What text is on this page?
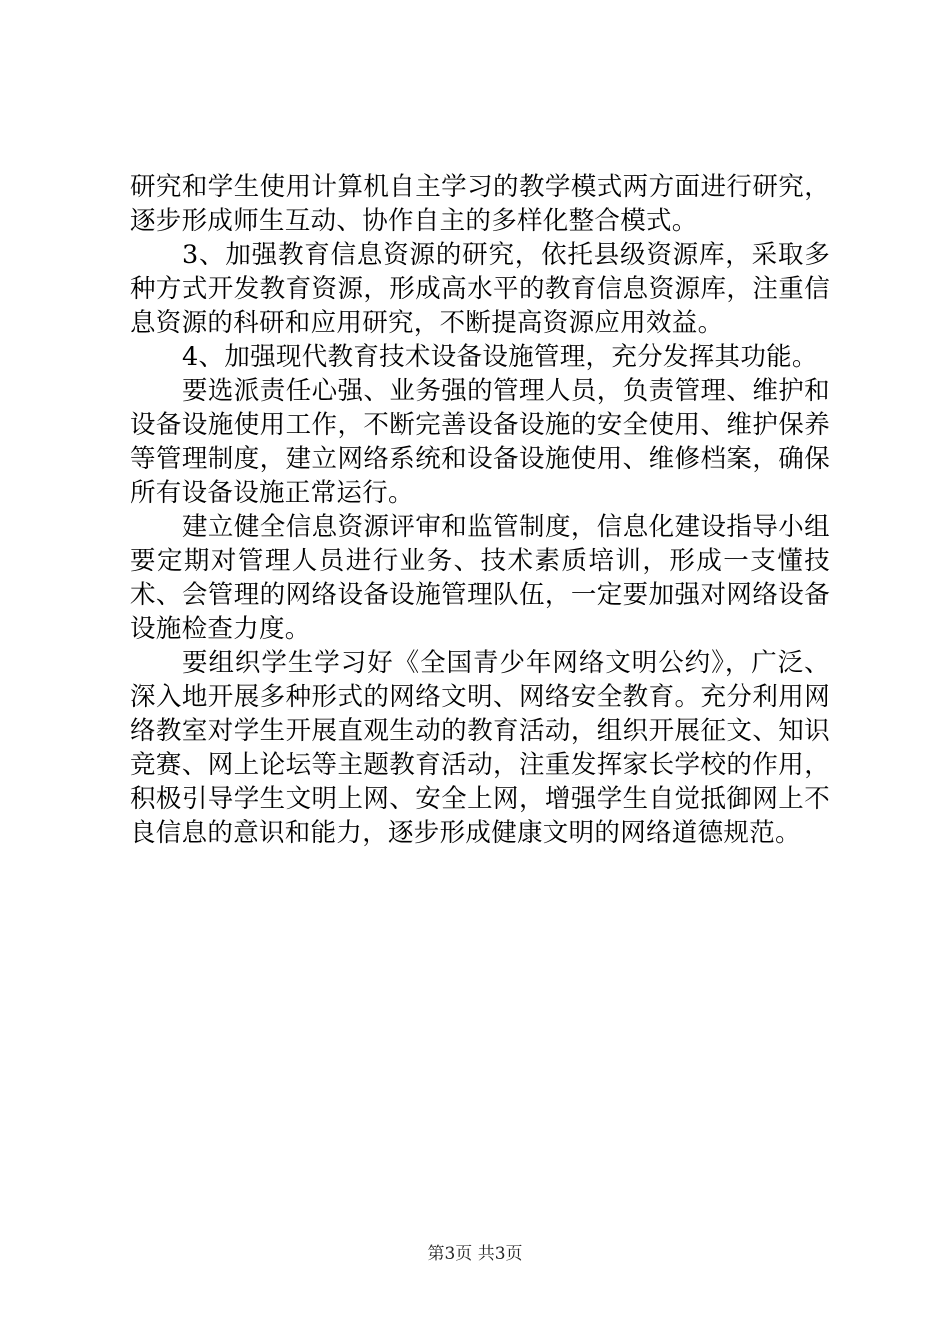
研究和学生使用计算机自主学习的教学模式两方面进行研究，逐步形成师生互动、协作自主的多样化整合模式。

3、加强教育信息资源的研究，依托县级资源库，采取多种方式开发教育资源，形成高水平的教育信息资源库，注重信息资源的科研和应用研究，不断提高资源应用效益。

4、加强现代教育技术设备设施管理，充分发挥其功能。

要选派责任心强、业务强的管理人员，负责管理、维护和设备设施使用工作，不断完善设备设施的安全使用、维护保养等管理制度，建立网络系统和设备设施使用、维修档案，确保所有设备设施正常运行。

建立健全信息资源评审和监管制度，信息化建设指导小组要定期对管理人员进行业务、技术素质培训，形成一支懂技术、会管理的网络设备设施管理队伍，一定要加强对网络设备设施检查力度。

要组织学生学习好《全国青少年网络文明公约》，广泛、深入地开展多种形式的网络文明、网络安全教育。充分利用网络教室对学生开展直观生动的教育活动，组织开展征文、知识竞赛、网上论坛等主题教育活动，注重发挥家长学校的作用，积极引导学生文明上网、安全上网，增强学生自觉抵御网上不良信息的意识和能力，逐步形成健康文明的网络道德规范。

第3页 共3页
